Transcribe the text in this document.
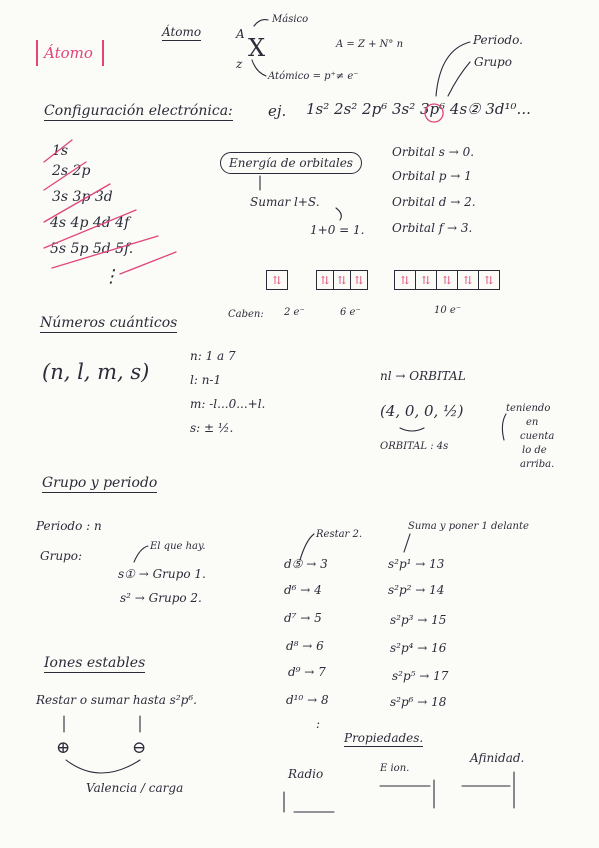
Átomo
Átomo	A X
z
Másico
Atómico = p⁺≠ e⁻
A = Z + N° n	Periodo.
Grupo
Configuración electrónica: ej. 1s² 2s² 2p⁶ 3s² 3p⁶ 4s② 3d¹⁰...
1s
2s 2p
3s 3p 3d
4s 4p 4d 4f
5s 5p 5d 5f.
⋮
Energía de orbitales
Sumar l+S.
1+0 = 1.
Orbital s → 0.
Orbital p → 1
Orbital d → 2.
Orbital f → 3.
⇅	⇅ ⇅ ⇅	⇅	⇅	⇅	⇅	⇅
Caben: 2 e⁻	6 e⁻	10 e⁻
Números cuánticos
(n, l, m, s)
n: 1 a 7
l: n-1
m: -l...0...+l.
s: ± ½.
nl → ORBITAL
(4, 0, 0, ½)
ORBITAL : 4s
teniendo
en
cuenta
lo de
arriba.
Grupo y periodo
Periodo : n
Grupo:
El que hay.
s① → Grupo 1.
s² → Grupo 2.
Restar 2.
d⑤ → 3
d⁶ → 4
d⁷ → 5
d⁸ → 6
d⁹ → 7
d¹⁰ → 8
:
Suma y poner 1 delante
s²p¹ → 13
s²p² → 14
s²p³ → 15
s²p⁴ → 16
s²p⁵ → 17
s²p⁶ → 18
Iones estables
Restar o sumar hasta s²p⁶.
⊕	⊖
Valencia / carga
Propiedades.
Radio	E ion.
Afinidad.
